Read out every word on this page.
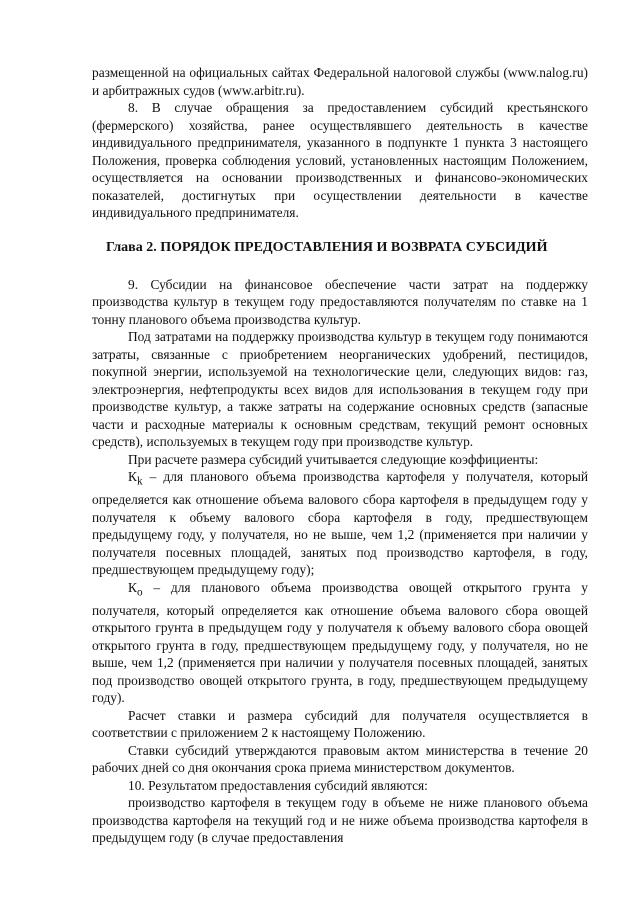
размещенной на официальных сайтах Федеральной налоговой службы (www.nalog.ru) и арбитражных судов (www.arbitr.ru).

8. В случае обращения за предоставлением субсидий крестьянского (фермерского) хозяйства, ранее осуществлявшего деятельность в качестве индивидуального предпринимателя, указанного в подпункте 1 пункта 3 настоящего Положения, проверка соблюдения условий, установленных настоящим Положением, осуществляется на основании производственных и финансово-экономических показателей, достигнутых при осуществлении деятельности в качестве индивидуального предпринимателя.

Глава 2. ПОРЯДОК ПРЕДОСТАВЛЕНИЯ И ВОЗВРАТА СУБСИДИЙ

9. Субсидии на финансовое обеспечение части затрат на поддержку производства культур в текущем году предоставляются получателям по ставке на 1 тонну планового объема производства культур.

Под затратами на поддержку производства культур в текущем году понимаются затраты, связанные с приобретением неорганических удобрений, пестицидов, покупной энергии, используемой на технологические цели, следующих видов: газ, электроэнергия, нефтепродукты всех видов для использования в текущем году при производстве культур, а также затраты на содержание основных средств (запасные части и расходные материалы к основным средствам, текущий ремонт основных средств), используемых в текущем году при производстве культур.

При расчете размера субсидий учитывается следующие коэффициенты:

$К_k$ – для планового объема производства картофеля у получателя, который определяется как отношение объема валового сбора картофеля в предыдущем году у получателя к объему валового сбора картофеля в году, предшествующем предыдущему году, у получателя, но не выше, чем 1,2 (применяется при наличии у получателя посевных площадей, занятых под производство картофеля, в году, предшествующем предыдущему году);

$К_о$ – для планового объема производства овощей открытого грунта у получателя, который определяется как отношение объема валового сбора овощей открытого грунта в предыдущем году у получателя к объему валового сбора овощей открытого грунта в году, предшествующем предыдущему году, у получателя, но не выше, чем 1,2 (применяется при наличии у получателя посевных площадей, занятых под производство овощей открытого грунта, в году, предшествующем предыдущему году).

Расчет ставки и размера субсидий для получателя осуществляется в соответствии с приложением 2 к настоящему Положению.

Ставки субсидий утверждаются правовым актом министерства в течение 20 рабочих дней со дня окончания срока приема министерством документов.

10. Результатом предоставления субсидий являются:

производство картофеля в текущем году в объеме не ниже планового объема производства картофеля на текущий год и не ниже объема производства картофеля в предыдущем году (в случае предоставления
